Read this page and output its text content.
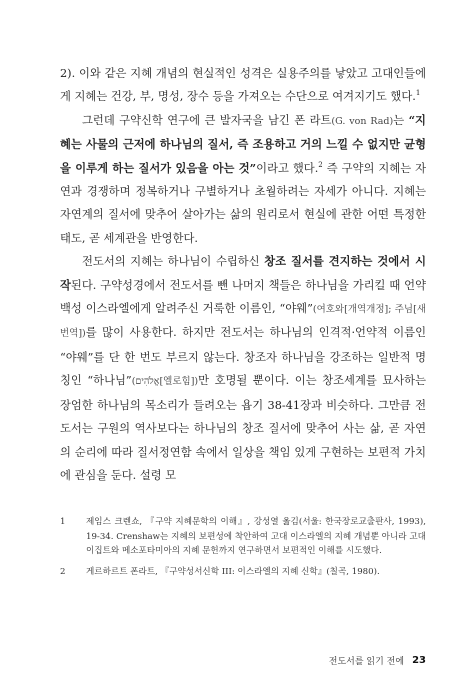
2). 이와 같은 지혜 개념의 현실적인 성격은 실용주의를 낳았고 고대인들에게 지혜는 건강, 부, 명성, 장수 등을 가져오는 수단으로 여겨지기도 했다.$^1$

그런데 구약신학 연구에 큰 발자국을 남긴 폰 라트(G. von Rad)는 “지혜는 사물의 근저에 하나님의 질서, 즉 조용하고 거의 느낄 수 없지만 균형을 이루게 하는 질서가 있음을 아는 것”이라고 했다.$^2$ 즉 구약의 지혜는 자연과 경쟁하며 정복하거나 구별하거나 초월하려는 자세가 아니다. 지혜는 자연계의 질서에 맞추어 살아가는 삶의 원리로서 현실에 관한 어떤 특정한 태도, 곧 세계관을 반영한다.

전도서의 지혜는 하나님이 수립하신 창조 질서를 견지하는 것에서 시작된다. 구약성경에서 전도서를 뺀 나머지 책들은 하나님을 가리킬 때 언약 백성 이스라엘에게 알려주신 거룩한 이름인, “야웨”(여호와[개역개정]; 주님[새번역])를 많이 사용한다. 하지만 전도서는 하나님의 인격적·언약적 이름인 “야웨”를 단 한 번도 부르지 않는다. 창조자 하나님을 강조하는 일반적 명칭인 “하나님”(אֱלֹהִים[엘로힘])만 호명될 뿐이다. 이는 창조세계를 묘사하는 장엄한 하나님의 목소리가 들려오는 욥기 38-41장과 비슷하다. 그만큼 전도서는 구원의 역사보다는 하나님의 창조 질서에 맞추어 사는 삶, 곧 자연의 순리에 따라 질서정연함 속에서 일상을 책임 있게 구현하는 보편적 가치에 관심을 둔다. 설령 모

1	제임스 크렌쇼, 『구약 지혜문학의 이해』, 강성열 옮김(서울: 한국장로교출판사, 1993), 19-34. Crenshaw는 지혜의 보편성에 착안하여 고대 이스라엘의 지혜 개념뿐 아니라 고대 이집트와 메소포타미아의 지혜 문헌까지 연구하면서 보편적인 이해를 시도했다.
2	게르하르트 폰라트, 『구약성서신학 III: 이스라엘의 지혜 신학』(칠곡, 1980).
전도서를 읽기 전에 23
